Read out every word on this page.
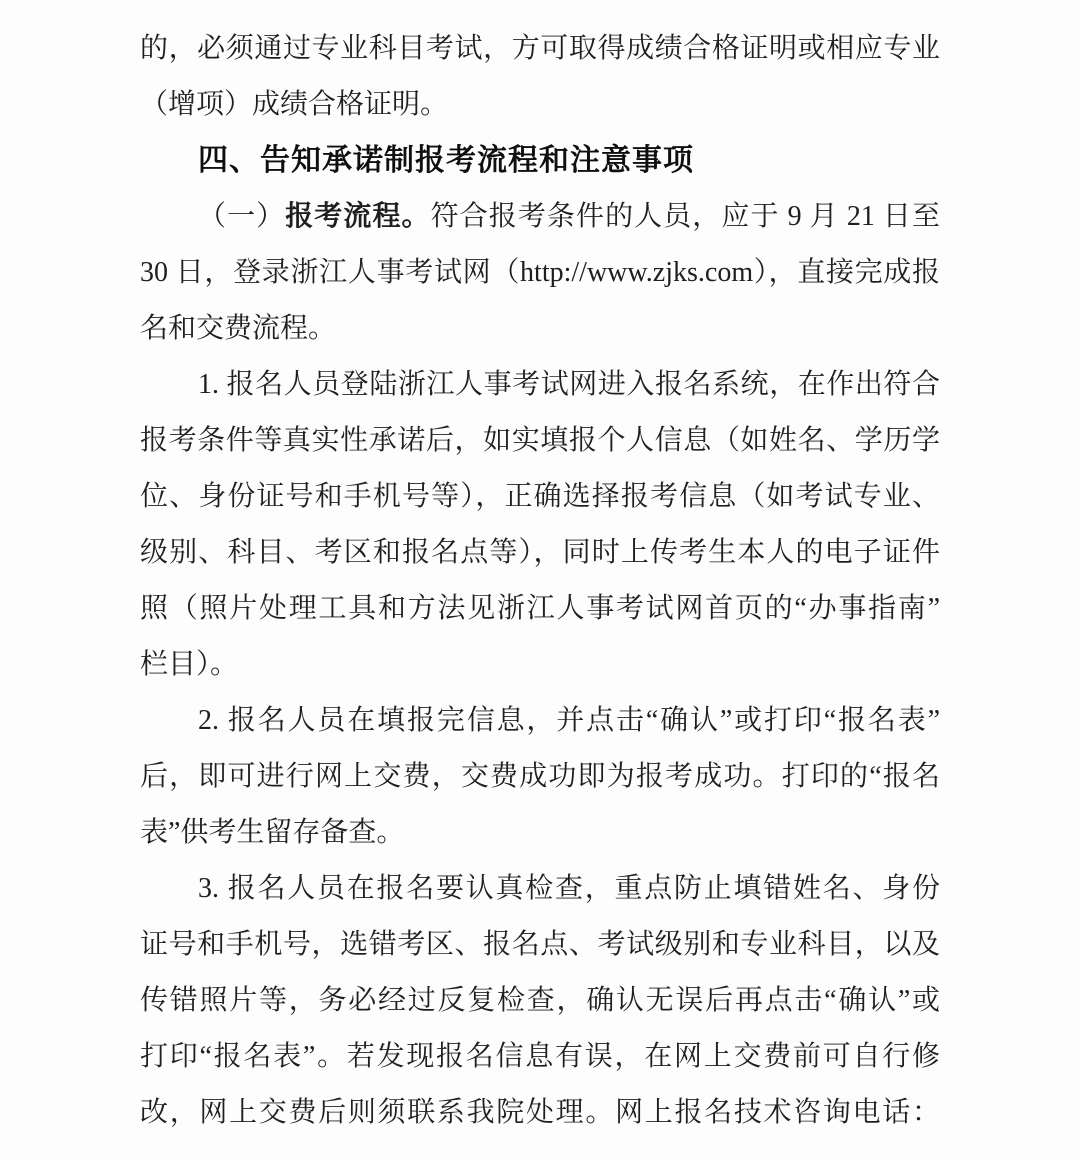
的，必须通过专业科目考试，方可取得成绩合格证明或相应专业
（增项）成绩合格证明。
四、告知承诺制报考流程和注意事项
（一）报考流程。符合报考条件的人员，应于 9 月 21 日至
30 日，登录浙江人事考试网（http://www.zjks.com），直接完成报
名和交费流程。
1. 报名人员登陆浙江人事考试网进入报名系统，在作出符合
报考条件等真实性承诺后，如实填报个人信息（如姓名、学历学
位、身份证号和手机号等），正确选择报考信息（如考试专业、
级别、科目、考区和报名点等），同时上传考生本人的电子证件
照（照片处理工具和方法见浙江人事考试网首页的“办事指南”
栏目）。
2. 报名人员在填报完信息，并点击“确认”或打印“报名表”
后，即可进行网上交费，交费成功即为报考成功。打印的“报名
表”供考生留存备查。
3. 报名人员在报名要认真检查，重点防止填错姓名、身份
证号和手机号，选错考区、报名点、考试级别和专业科目，以及
传错照片等，务必经过反复检查，确认无误后再点击“确认”或
打印“报名表”。若发现报名信息有误，在网上交费前可自行修
改，网上交费后则须联系我院处理。网上报名技术咨询电话：
